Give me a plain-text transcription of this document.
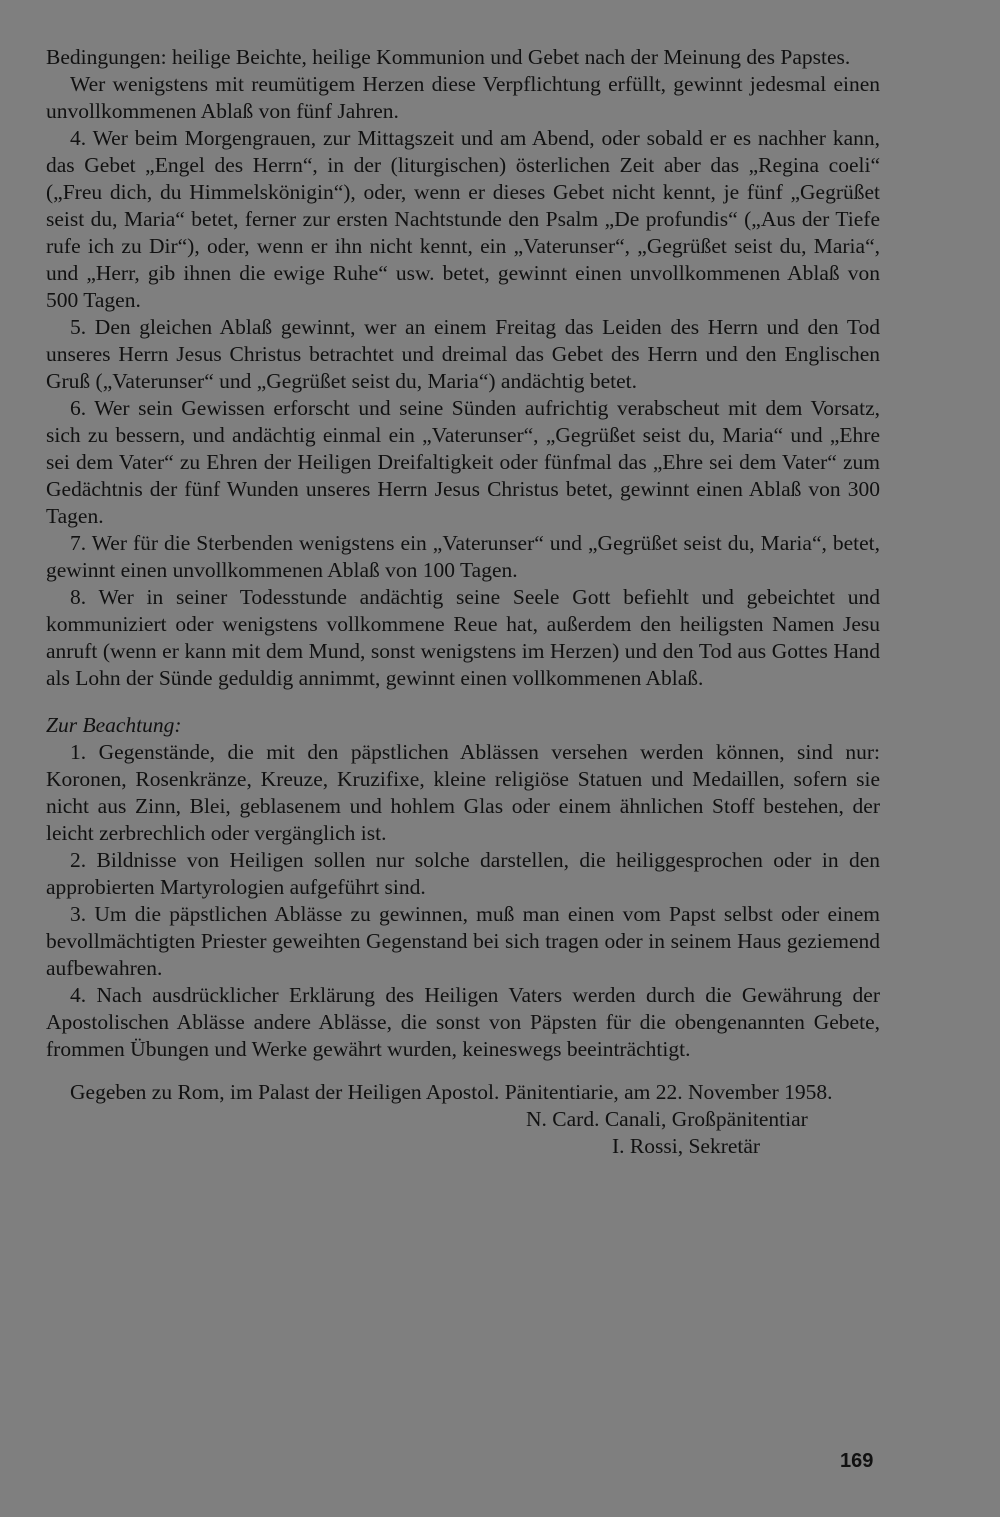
Bedingungen: heilige Beichte, heilige Kommunion und Gebet nach der Meinung des Papstes.

Wer wenigstens mit reumütigem Herzen diese Verpflichtung erfüllt, gewinnt jedesmal einen unvollkommenen Ablaß von fünf Jahren.

4. Wer beim Morgengrauen, zur Mittagszeit und am Abend, oder sobald er es nachher kann, das Gebet „Engel des Herrn“, in der (liturgischen) österlichen Zeit aber das „Regina coeli“ („Freu dich, du Himmelskönigin“), oder, wenn er dieses Gebet nicht kennt, je fünf „Gegrüßet seist du, Maria“ betet, ferner zur ersten Nachtstunde den Psalm „De profundis“ („Aus der Tiefe rufe ich zu Dir“), oder, wenn er ihn nicht kennt, ein „Vaterunser“, „Gegrüßet seist du, Maria“, und „Herr, gib ihnen die ewige Ruhe“ usw. betet, gewinnt einen unvollkommenen Ablaß von 500 Tagen.

5. Den gleichen Ablaß gewinnt, wer an einem Freitag das Leiden des Herrn und den Tod unseres Herrn Jesus Christus betrachtet und dreimal das Gebet des Herrn und den Englischen Gruß („Vaterunser“ und „Gegrüßet seist du, Maria“) andächtig betet.

6. Wer sein Gewissen erforscht und seine Sünden aufrichtig verabscheut mit dem Vorsatz, sich zu bessern, und andächtig einmal ein „Vaterunser“, „Gegrüßet seist du, Maria“ und „Ehre sei dem Vater“ zu Ehren der Heiligen Dreifaltigkeit oder fünfmal das „Ehre sei dem Vater“ zum Gedächtnis der fünf Wunden unseres Herrn Jesus Christus betet, gewinnt einen Ablaß von 300 Tagen.

7. Wer für die Sterbenden wenigstens ein „Vaterunser“ und „Gegrüßet seist du, Maria“, betet, gewinnt einen unvollkommenen Ablaß von 100 Tagen.

8. Wer in seiner Todesstunde andächtig seine Seele Gott befiehlt und gebeichtet und kommuniziert oder wenigstens vollkommene Reue hat, außerdem den heiligsten Namen Jesu anruft (wenn er kann mit dem Mund, sonst wenigstens im Herzen) und den Tod aus Gottes Hand als Lohn der Sünde geduldig annimmt, gewinnt einen vollkommenen Ablaß.

Zur Beachtung:

1. Gegenstände, die mit den päpstlichen Ablässen versehen werden können, sind nur: Koronen, Rosenkränze, Kreuze, Kruzifixe, kleine religiöse Statuen und Medaillen, sofern sie nicht aus Zinn, Blei, geblasenem und hohlem Glas oder einem ähnlichen Stoff bestehen, der leicht zerbrechlich oder vergänglich ist.

2. Bildnisse von Heiligen sollen nur solche darstellen, die heiliggesprochen oder in den approbierten Martyrologien aufgeführt sind.

3. Um die päpstlichen Ablässe zu gewinnen, muß man einen vom Papst selbst oder einem bevollmächtigten Priester geweihten Gegenstand bei sich tragen oder in seinem Haus geziemend aufbewahren.

4. Nach ausdrücklicher Erklärung des Heiligen Vaters werden durch die Gewährung der Apostolischen Ablässe andere Ablässe, die sonst von Päpsten für die obengenannten Gebete, frommen Übungen und Werke gewährt wurden, keineswegs beeinträchtigt.

Gegeben zu Rom, im Palast der Heiligen Apostol. Pänitentiarie, am 22. November 1958.

N. Card. Canali, Großpänitentiar
I. Rossi, Sekretär
169
